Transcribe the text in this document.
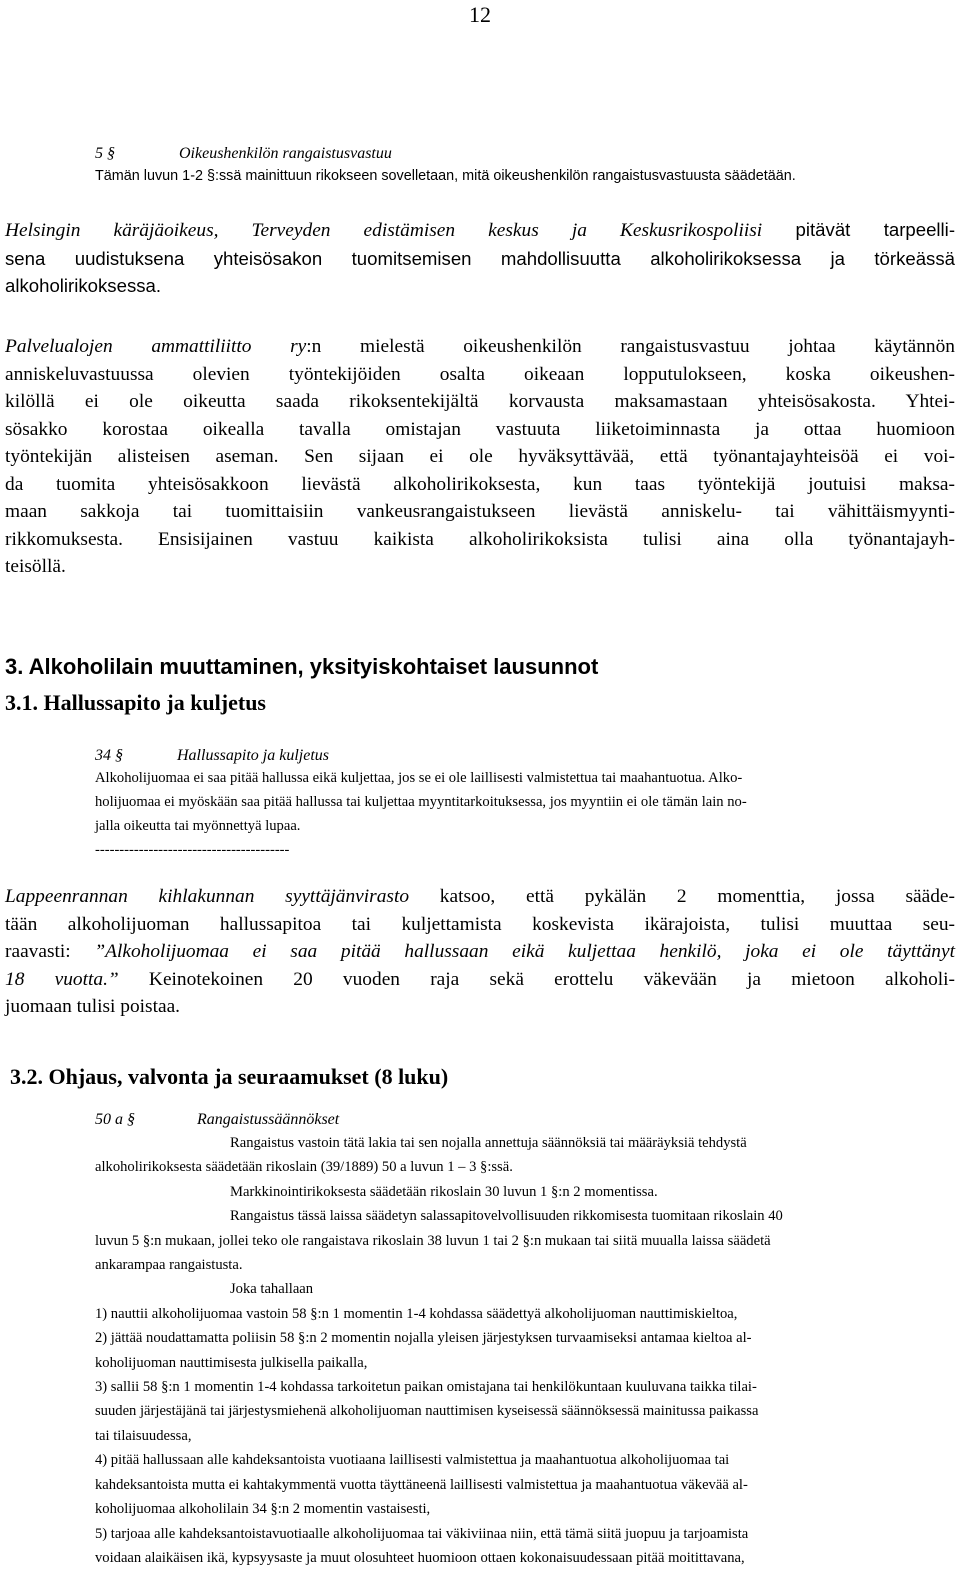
12
5 §	Oikeushenkilön rangaistusvastuu
Tämän luvun 1-2 §:ssä mainittuun rikokseen sovelletaan, mitä oikeushenkilön rangaistusvastuusta säädetään.
Helsingin käräjäoikeus, Terveyden edistämisen keskus ja Keskusrikospoliisi pitävät tarpeelli-
sena uudistuksena yhteisösakon tuomitsemisen mahdollisuutta alkoholirikoksessa ja törkeässä
alkoholirikoksessa.
Palvelualojen ammattiliitto ry:n mielestä oikeushenkilön rangaistusvastuu johtaa käytännön
anniskeluvastuussa olevien työntekijöiden osalta oikeaan lopputulokseen, koska oikeushen-
kilöllä ei ole oikeutta saada rikoksentekijältä korvausta maksamastaan yhteisösakosta. Yhtei-
sösakko korostaa oikealla tavalla omistajan vastuuta liiketoiminnasta ja ottaa huomioon
työntekijän alisteisen aseman. Sen sijaan ei ole hyväksyttävää, että työnantajayhteisöä ei voi-
da tuomita yhteisösakkoon lievästä alkoholirikoksesta, kun taas työntekijä joutuisi maksa-
maan sakkoja tai tuomittaisiin vankeusrangaistukseen lievästä anniskelu- tai vähittäismyynti-
rikkomuksesta. Ensisijainen vastuu kaikista alkoholirikoksista tulisi aina olla työnantajayh-
teisöllä.
3. Alkoholilain muuttaminen, yksityiskohtaiset lausunnot
3.1. Hallussapito ja kuljetus
34 §	Hallussapito ja kuljetus
Alkoholijuomaa ei saa pitää hallussa eikä kuljettaa, jos se ei ole laillisesti valmistettua tai maahantuotua. Alko-
holijuomaa ei myöskään saa pitää hallussa tai kuljettaa myyntitarkoituksessa, jos myyntiin ei ole tämän lain no-
jalla oikeutta tai myönnettyä lupaa.
----------------------------------------
Lappeenrannan kihlakunnan syyttäjänvirasto katsoo, että pykälän 2 momenttia, jossa sääde-
tään alkoholijuoman hallussapitoa tai kuljettamista koskevista ikärajoista, tulisi muuttaa seu-
raavasti: ”Alkoholijuomaa ei saa pitää hallussaan eikä kuljettaa henkilö, joka ei ole täyttänyt
18 vuotta.” Keinotekoinen 20 vuoden raja sekä erottelu väkevään ja mietoon alkoholi-
juomaan tulisi poistaa.
3.2. Ohjaus, valvonta ja seuraamukset (8 luku)
50 a §	Rangaistussäännökset
Rangaistus vastoin tätä lakia tai sen nojalla annettuja säännöksiä tai määräyksiä tehdystä
alkoholirikoksesta säädetään rikoslain (39/1889) 50 a luvun 1 – 3 §:ssä.
Markkinointirikoksesta säädetään rikoslain 30 luvun 1 §:n 2 momentissa.
Rangaistus tässä laissa säädetyn salassapitovelvollisuuden rikkomisesta tuomitaan rikoslain 40
luvun 5 §:n mukaan, jollei teko ole rangaistava rikoslain 38 luvun 1 tai 2 §:n mukaan tai siitä muualla laissa säädetä
ankarampaa rangaistusta.
Joka tahallaan
1) nauttii alkoholijuomaa vastoin 58 §:n 1 momentin 1-4 kohdassa säädettyä alkoholijuoman nauttimiskieltoa,
2) jättää noudattamatta poliisin 58 §:n 2 momentin nojalla yleisen järjestyksen turvaamiseksi antamaa kieltoa al-
koholijuoman nauttimisesta julkisella paikalla,
3) sallii 58 §:n 1 momentin 1-4 kohdassa tarkoitetun paikan omistajana tai henkilökuntaan kuuluvana taikka tilai-
suuden järjestäjänä tai järjestysmiehenä alkoholijuoman nauttimisen kyseisessä säännöksessä mainitussa paikassa
tai tilaisuudessa,
4) pitää hallussaan alle kahdeksantoista vuotiaana laillisesti valmistettua ja maahantuotua alkoholijuomaa tai
kahdeksantoista mutta ei kahtakymmentä vuotta täyttäneenä laillisesti valmistettua ja maahantuotua väkevää al-
koholijuomaa alkoholilain 34 §:n 2 momentin vastaisesti,
5) tarjoaa alle kahdeksantoistavuotiaalle alkoholijuomaa tai väkiviinaa niin, että tämä siitä juopuu ja tarjoamista
voidaan alaikäisen ikä, kypsyysaste ja muut olosuhteet huomioon ottaen kokonaisuudessaan pitää moitittavana,
